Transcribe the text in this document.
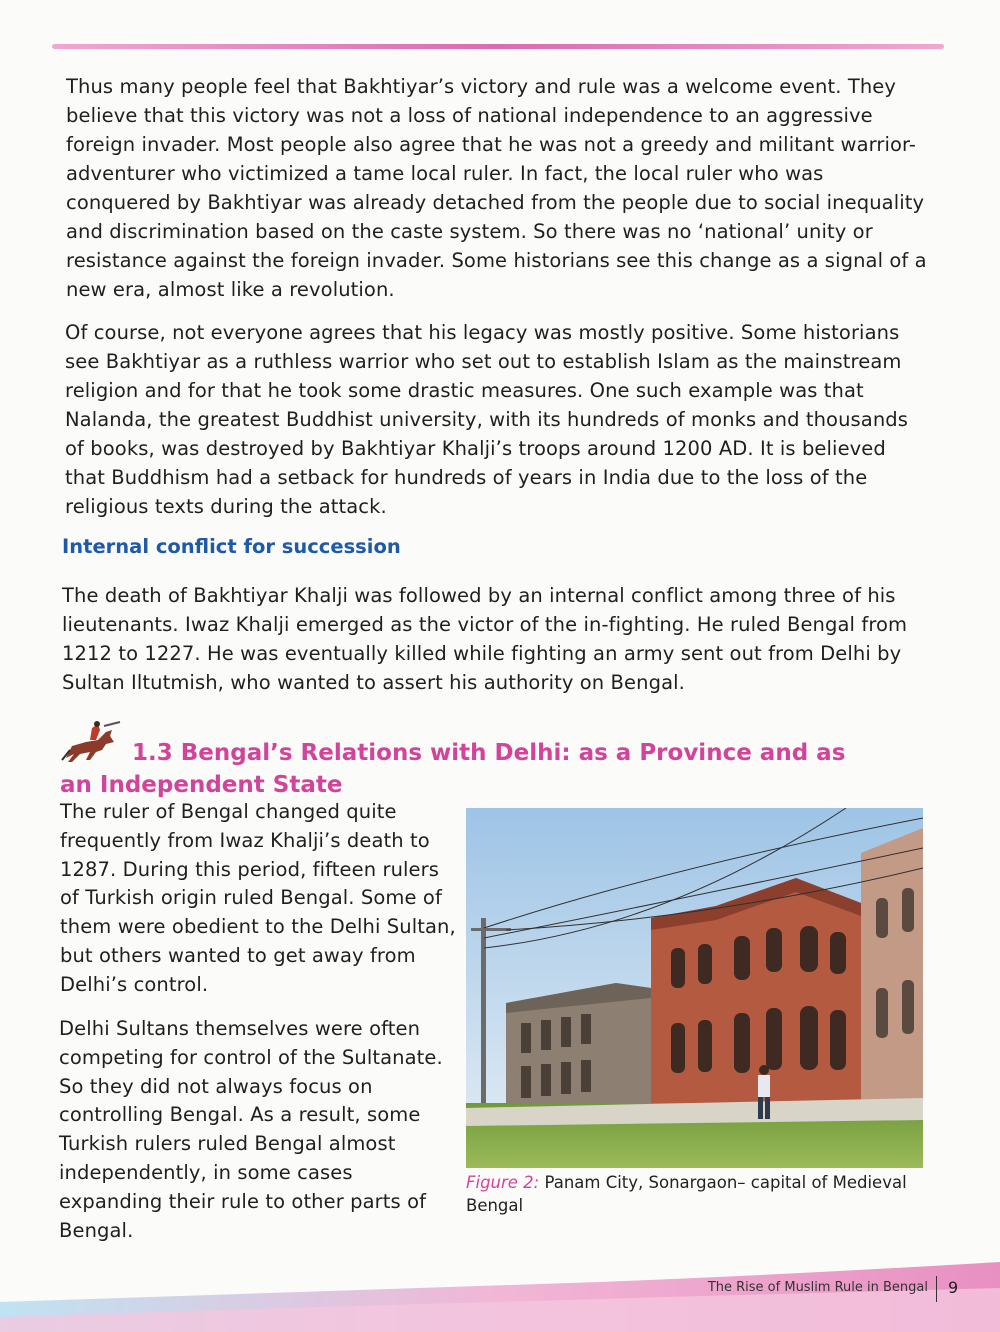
Thus many people feel that Bakhtiyar’s victory and rule was a welcome event. They believe that this victory was not a loss of national independence to an aggressive foreign invader. Most people also agree that he was not a greedy and militant warrior-adventurer who victimized a tame local ruler. In fact, the local ruler who was conquered by Bakhtiyar was already detached from the people due to social inequality and discrimination based on the caste system. So there was no ‘national’ unity or resistance against the foreign invader. Some historians see this change as a signal of a new era, almost like a revolution.

Of course, not everyone agrees that his legacy was mostly positive. Some historians see Bakhtiyar as a ruthless warrior who set out to establish Islam as the mainstream religion and for that he took some drastic measures. One such example was that Nalanda, the greatest Buddhist university, with its hundreds of monks and thousands of books, was destroyed by Bakhtiyar Khalji’s troops around 1200 AD. It is believed that Buddhism had a setback for hundreds of years in India due to the loss of the religious texts during the attack.

Internal conflict for succession

The death of Bakhtiyar Khalji was followed by an internal conflict among three of his lieutenants. Iwaz Khalji emerged as the victor of the in-fighting. He ruled Bengal from 1212 to 1227. He was eventually killed while fighting an army sent out from Delhi by Sultan Iltutmish, who wanted to assert his authority on Bengal.

1.3 Bengal’s Relations with Delhi: as a Province and as an Independent State

The ruler of Bengal changed quite frequently from Iwaz Khalji’s death to 1287. During this period, fifteen rulers of Turkish origin ruled Bengal. Some of them were obedient to the Delhi Sultan, but others wanted to get away from Delhi’s control.

Delhi Sultans themselves were often competing for control of the Sultanate. So they did not always focus on controlling Bengal. As a result, some Turkish rulers ruled Bengal almost independently, in some cases expanding their rule to other parts of Bengal.

Figure 2: Panam City, Sonargaon– capital of Medieval Bengal

The Rise of Muslim Rule in Bengal 9
